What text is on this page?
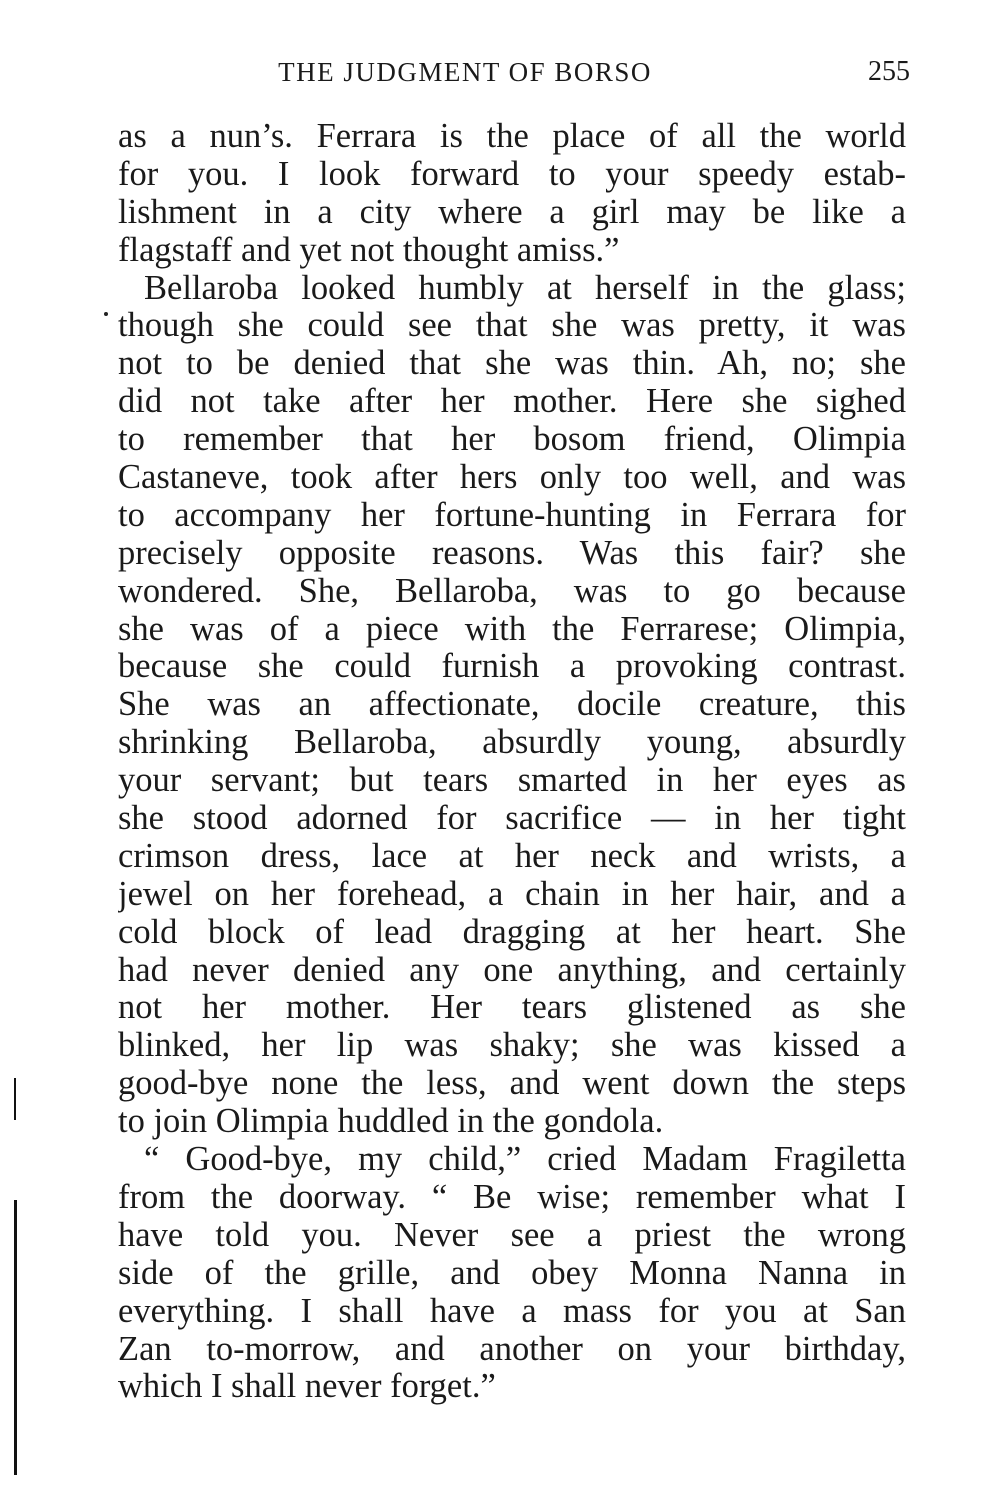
THE JUDGMENT OF BORSO	255
as a nun’s. Ferrara is the place of all the world
for you. I look forward to your speedy estab-
lishment in a city where a girl may be like a
flagstaff and yet not thought amiss.”
Bellaroba looked humbly at herself in the glass;
though she could see that she was pretty, it was
not to be denied that she was thin. Ah, no; she
did not take after her mother. Here she sighed
to remember that her bosom friend, Olimpia
Castaneve, took after hers only too well, and was
to accompany her fortune-hunting in Ferrara for
precisely opposite reasons. Was this fair? she
wondered. She, Bellaroba, was to go because
she was of a piece with the Ferrarese; Olimpia,
because she could furnish a provoking contrast.
She was an affectionate, docile creature, this
shrinking Bellaroba, absurdly young, absurdly
your servant; but tears smarted in her eyes as
she stood adorned for sacrifice — in her tight
crimson dress, lace at her neck and wrists, a
jewel on her forehead, a chain in her hair, and a
cold block of lead dragging at her heart. She
had never denied any one anything, and certainly
not her mother. Her tears glistened as she
blinked, her lip was shaky; she was kissed a
good-bye none the less, and went down the steps
to join Olimpia huddled in the gondola.
“ Good-bye, my child,” cried Madam Fragiletta
from the doorway. “ Be wise; remember what I
have told you. Never see a priest the wrong
side of the grille, and obey Monna Nanna in
everything. I shall have a mass for you at San
Zan to-morrow, and another on your birthday,
which I shall never forget.”
